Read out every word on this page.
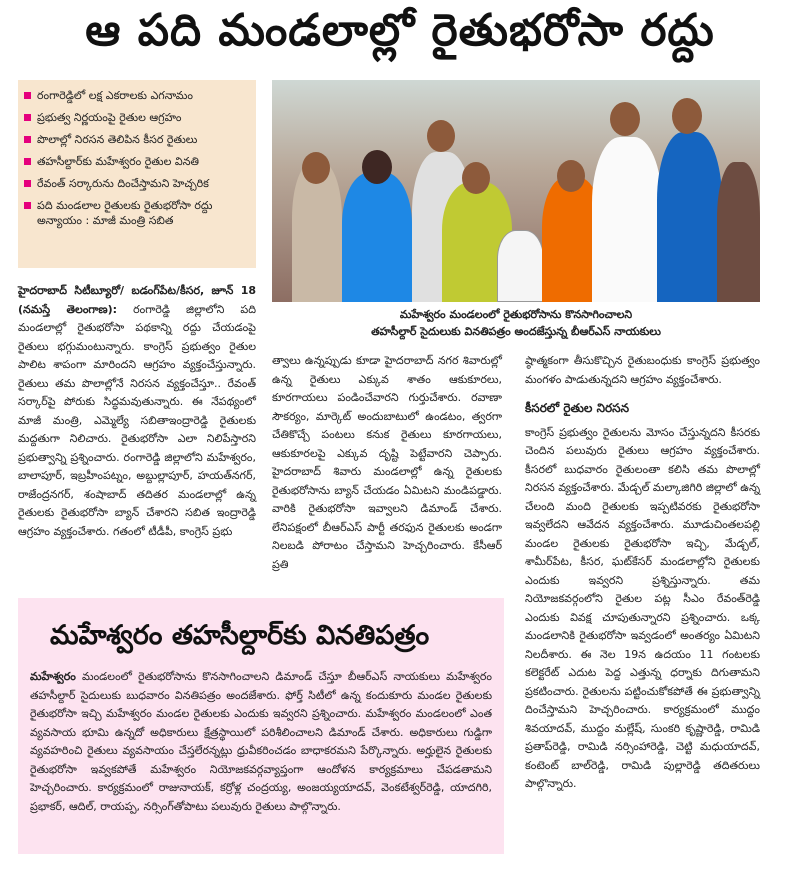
ఆ పది మండలాల్లో రైతుభరోసా రద్దు
రంగారెడ్డిలో లక్ష ఎకరాలకు ఎగనామం
ప్రభుత్వ నిర్ణయంపై రైతుల ఆగ్రహం
పొలాల్లో నిరసన తెలిపిన కీసర రైతులు
తహసీల్దార్‌కు మహేశ్వరం రైతుల వినతి
రేవంత్ సర్కారును దించేస్తామని హెచ్చరిక
పది మండలాల రైతులకు రైతుభరోసా రద్దు అన్యాయం : మాజీ మంత్రి సబిత
మహేశ్వరం మండలంలో రైతుభరోసాను కొనసాగించాలని
తహసీల్దార్ సైదులుకు వినతిపత్రం అందజేస్తున్న బీఆర్‌ఎస్ నాయకులు
హైదరాబాద్ సిటీబ్యూరో/ బడంగ్‌పేట/కీసర, జూన్ 18 (నమస్తే తెలంగాణ): రంగారెడ్డి జిల్లాలోని పది మండలాల్లో రైతుభరోసా పథకాన్ని రద్దు చేయడంపై రైతులు భగ్గుమంటున్నారు. కాంగ్రెస్ ప్రభుత్వం రైతుల పాలిట శాపంగా మారిందని ఆగ్రహం వ్యక్తంచేస్తున్నారు. రైతులు తమ పొలాల్లోనే నిరసన వ్యక్తంచేస్తూ.. రేవంత్ సర్కార్‌పై పోరుకు సిద్ధమవుతున్నారు. ఈ నేపథ్యంలో మాజీ మంత్రి, ఎమ్మెల్యే సబితాఇంద్రారెడ్డి రైతులకు మద్దతుగా నిలిచారు. రైతుభరోసా ఎలా నిలిపేస్తారని ప్రభుత్వాన్ని ప్రశ్నించారు. రంగారెడ్డి జిల్లాలోని మహేశ్వరం, బాలాపూర్, ఇబ్రహీంపట్నం, అబ్దుల్లాపూర్, హయత్‌నగర్, రాజేంద్రనగర్, శంషాబాద్ తదితర మండలాల్లో ఉన్న రైతులకు రైతుభరోసా బ్యాన్ చేశారని సబిత ఇంద్రారెడ్డి ఆగ్రహం వ్యక్తంచేశారు. గతంలో టీడీపీ, కాంగ్రెస్ ప్రభు
త్వాలు ఉన్నప్పుడు కూడా హైదరాబాద్ నగర శివారుల్లో ఉన్న రైతులు ఎక్కువ శాతం ఆకుకూరలు, కూరగాయలు పండించేవారని గుర్తుచేశారు. రవాణా సౌకర్యం, మార్కెట్ అందుబాటులో ఉండటం, త్వరగా చేతికొచ్చే పంటలు కనుక రైతులు కూరగాయలు, ఆకుకూరలపై ఎక్కువ దృష్టి పెట్టేవారని చెప్పారు. హైదరాబాద్ శివారు మండలాల్లో ఉన్న రైతులకు రైతుభరోసాను బ్యాన్ చేయడం ఏమిటని మండిపడ్డారు. వారికి రైతుభరోసా ఇవ్వాలని డిమాండ్ చేశారు. లేనిపక్షంలో బీఆర్‌ఎస్ పార్టీ తరఫున రైతులకు అండగా నిలబడి పోరాటం చేస్తామని హెచ్చరించారు. కేసీఆర్ ప్రతి
ష్ఠాత్మకంగా తీసుకొచ్చిన రైతుబంధుకు కాంగ్రెస్ ప్రభుత్వం మంగళం పాడుతున్నదని ఆగ్రహం వ్యక్తంచేశారు.
కీసరలో రైతుల నిరసన
కాంగ్రెస్ ప్రభుత్వం రైతులను మోసం చేస్తున్నదని కీసరకు చెందిన పలువురు రైతులు ఆగ్రహం వ్యక్తంచేశారు. కీసరలో బుధవారం రైతులంతా కలిసి తమ పొలాల్లో నిరసన వ్యక్తంచేశారు. మేడ్చల్ మల్కాజిగిరి జిల్లాలో ఉన్న చేలంది మంది రైతులకు ఇప్పటివరకు రైతుభరోసా ఇవ్వలేదని ఆవేదన వ్యక్తంచేశారు. మూడుచింతలపల్లి మండల రైతులకు రైతుభరోసా ఇచ్చి, మేడ్చల్, శామీర్‌పేట, కీసర, ఘట్‌కేసర్ మండలాల్లోని రైతులకు ఎందుకు ఇవ్వరని ప్రశ్నిస్తున్నారు. తమ నియోజకవర్గంలోని రైతుల పట్ల సీఎం రేవంత్‌రెడ్డి ఎందుకు వివక్ష చూపుతున్నారని ప్రశ్నించారు. ఒక్క మండలానికి రైతుభరోసా ఇవ్వడంలో అంతర్యం ఏమిటని నిలదీశారు. ఈ నెల 19న ఉదయం 11 గంటలకు కలెక్టరేట్ ఎదుట పెద్ద ఎత్తున్న ధర్నాకు దిగుతామని ప్రకటించారు. రైతులను పట్టించుకోకపోతే ఈ ప్రభుత్వాన్ని దించేస్తామని హెచ్చరించారు. కార్యక్రమంలో ముద్దం శివయాదవ్, ముద్దం మల్లేష్, సుంకరి కృష్ణారెడ్డి, రామిడి ప్రతాప్‌రెడ్డి, రామిడి నర్సింహారెడ్డి, చెట్టి మధుయాదవ్, కంటెంట్ బాల్‌రెడ్డి, రామిడి పుల్లారెడ్డి తదితరులు పాల్గొన్నారు.
మహేశ్వరం తహసీల్దార్‌కు వినతిపత్రం
మహేశ్వరం మండలంలో రైతుభరోసాను కొనసాగించాలని డిమాండ్ చేస్తూ బీఆర్‌ఎస్ నాయకులు మహేశ్వరం తహసీల్దార్ సైదులుకు బుధవారం వినతిపత్రం అందజేశారు. ఫోర్త్ సిటీలో ఉన్న కందుకూరు మండల రైతులకు రైతుభరోసా ఇచ్చి మహేశ్వరం మండల రైతులకు ఎందుకు ఇవ్వరని ప్రశ్నించారు. మహేశ్వరం మండలంలో ఎంత వ్యవసాయ భూమి ఉన్నదో అధికారులు క్షేత్రస్థాయిలో పరిశీలించాలని డిమాండ్ చేశారు. అధికారులు గుడ్డిగా వ్యవహరించి రైతులు వ్యవసాయం చేస్తలేరన్నట్లు ధ్రువీకరించడం బాధాకరమని పేర్కొన్నారు. అర్హులైన రైతులకు రైతుభరోసా ఇవ్వకపోతే మహేశ్వరం నియోజకవర్గవ్యాప్తంగా ఆందోళన కార్యక్రమాలు చేపడతామని హెచ్చరించారు. కార్యక్రమంలో రాజునాయక్, కర్రోళ్ల చంద్రయ్య, అంజయ్యయాదవ్, వెంకటేశ్వర్‌రెడ్డి, యాదగిరి, ప్రభాకర్, ఆదిల్, రాయప్ప, నర్సింగ్‌తోపాటు పలువురు రైతులు పాల్గొన్నారు.
